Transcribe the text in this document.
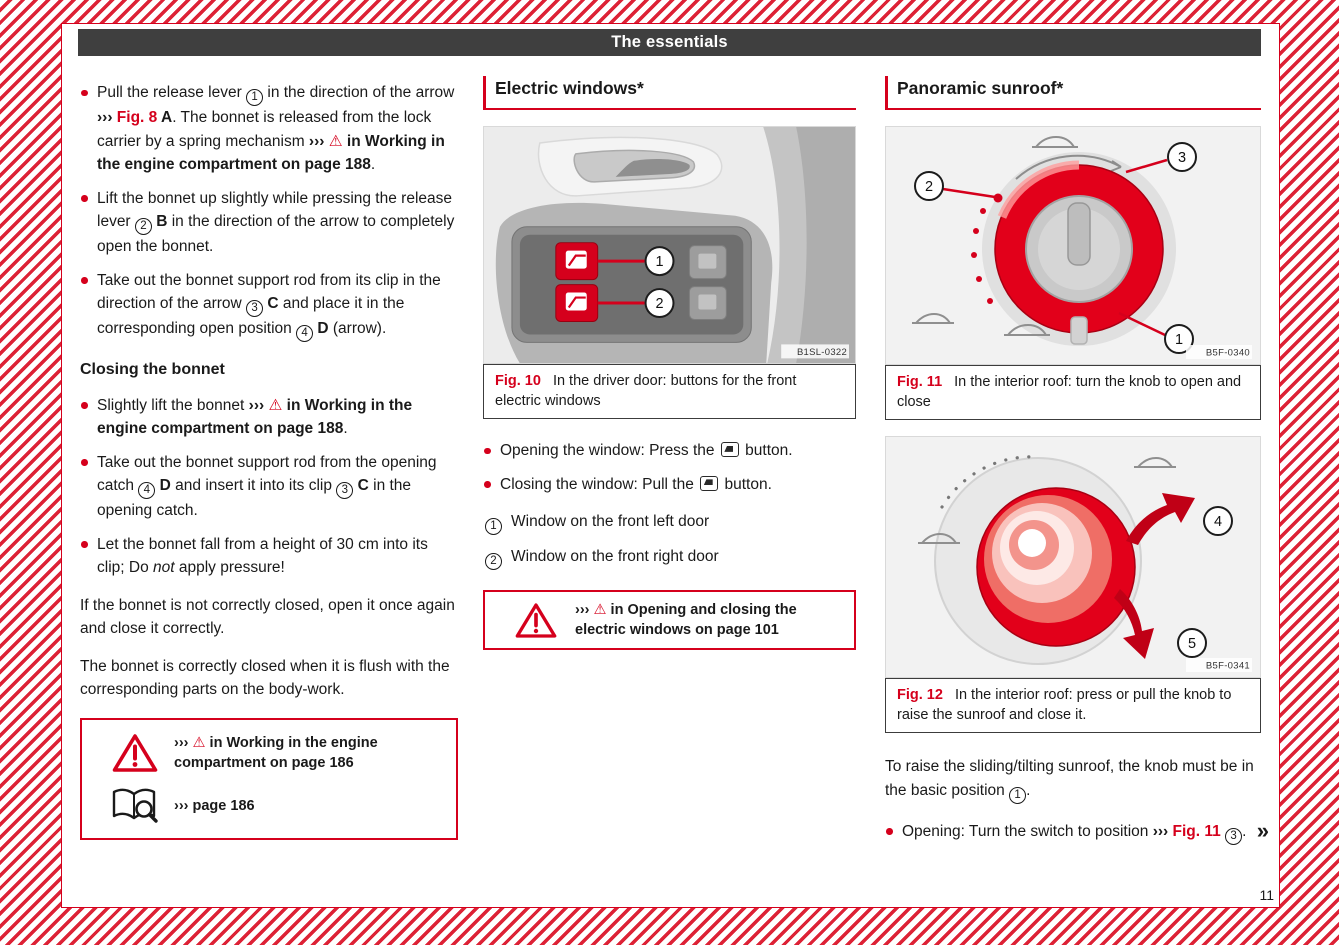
The essentials
Pull the release lever 1 in the direction of the arrow ››› Fig. 8 A. The bonnet is released from the lock carrier by a spring mechanism ››› ⚠ in Working in the engine compartment on page 188.
Lift the bonnet up slightly while pressing the release lever 2 B in the direction of the arrow to completely open the bonnet.
Take out the bonnet support rod from its clip in the direction of the arrow 3 C and place it in the corresponding open position 4 D (arrow).
Closing the bonnet
Slightly lift the bonnet ››› ⚠ in Working in the engine compartment on page 188.
Take out the bonnet support rod from the opening catch 4 D and insert it into its clip 3 C in the opening catch.
Let the bonnet fall from a height of 30 cm into its clip; Do not apply pressure!

If the bonnet is not correctly closed, open it once again and close it correctly.

The bonnet is correctly closed when it is flush with the corresponding parts on the body-work.

››› ⚠ in Working in the engine compartment on page 186
››› page 186
Electric windows*
1
2
B1SL-0322
Fig. 10 In the driver door: buttons for the front electric windows
Opening the window: Press the  button.
Closing the window: Pull the  button.
1 Window on the front left door
2 Window on the front right door
››› ⚠ in Opening and closing the electric windows on page 101
Panoramic sunroof*
2
3
1
B5F-0340
Fig. 11 In the interior roof: turn the knob to open and close
4
5
B5F-0341
Fig. 12 In the interior roof: press or pull the knob to raise the sunroof and close it.

To raise the sliding/tilting sunroof, the knob must be in the basic position 1 .

Opening: Turn the switch to position ››› Fig. 11 3 . »
11
